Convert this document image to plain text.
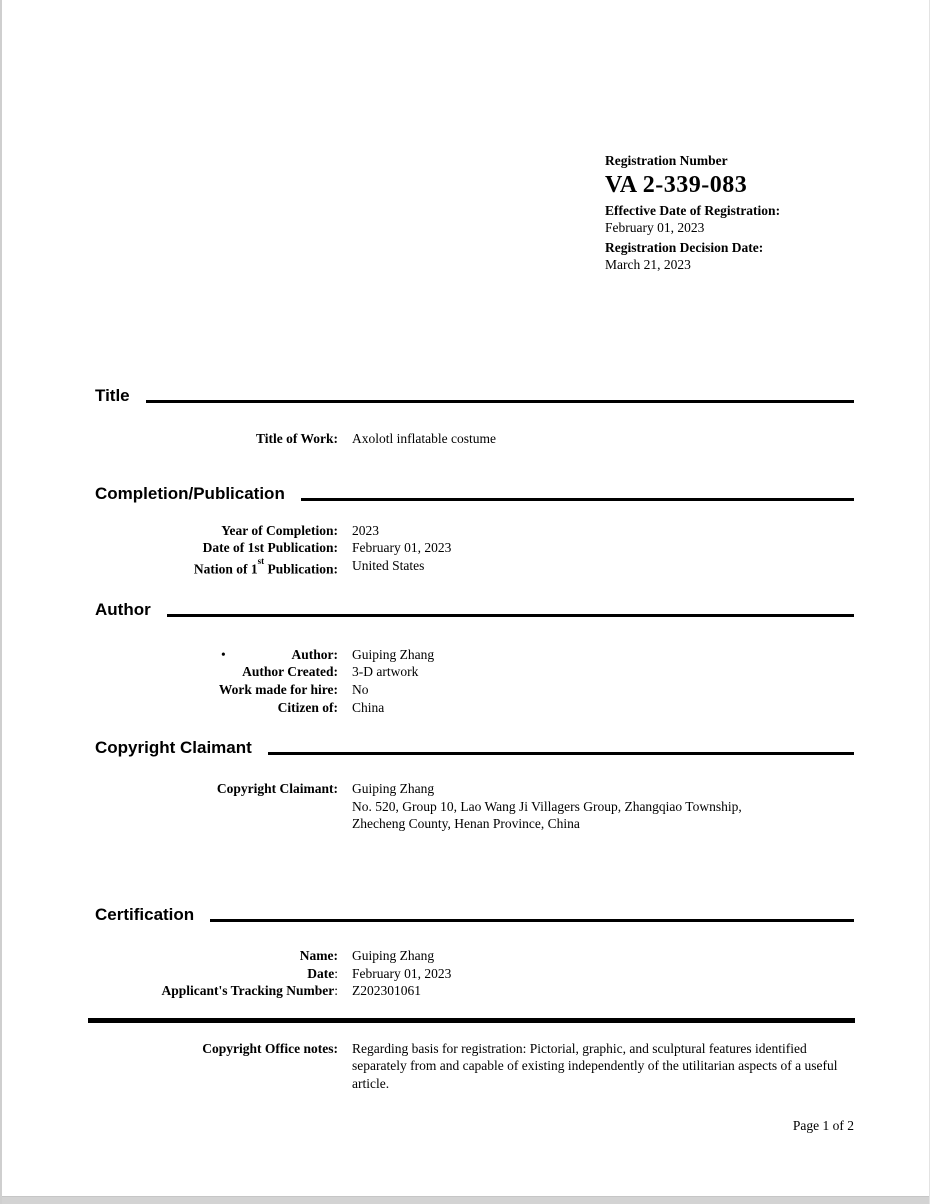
Registration Number
VA 2-339-083
Effective Date of Registration:
February 01, 2023
Registration Decision Date:
March 21, 2023
Title
Title of Work:	Axolotl inflatable costume
Completion/Publication
Year of Completion:	2023
Date of 1st Publication:	February 01, 2023
Nation of 1st Publication:	United States
Author
•	Author:	Guiping Zhang
Author Created:	3-D artwork
Work made for hire:	No
Citizen of:	China
Copyright Claimant
Copyright Claimant: Guiping Zhang
No. 520, Group 10, Lao Wang Ji Villagers Group, Zhangqiao Township,
Zhecheng County, Henan Province, China
Certification
Name:	Guiping Zhang
Date:	February 01, 2023
Applicant's Tracking Number:	Z202301061
Copyright Office notes:	Regarding basis for registration: Pictorial, graphic, and sculptural features identified separately from and capable of existing independently of the utilitarian aspects of a useful article.
Page 1 of 2
